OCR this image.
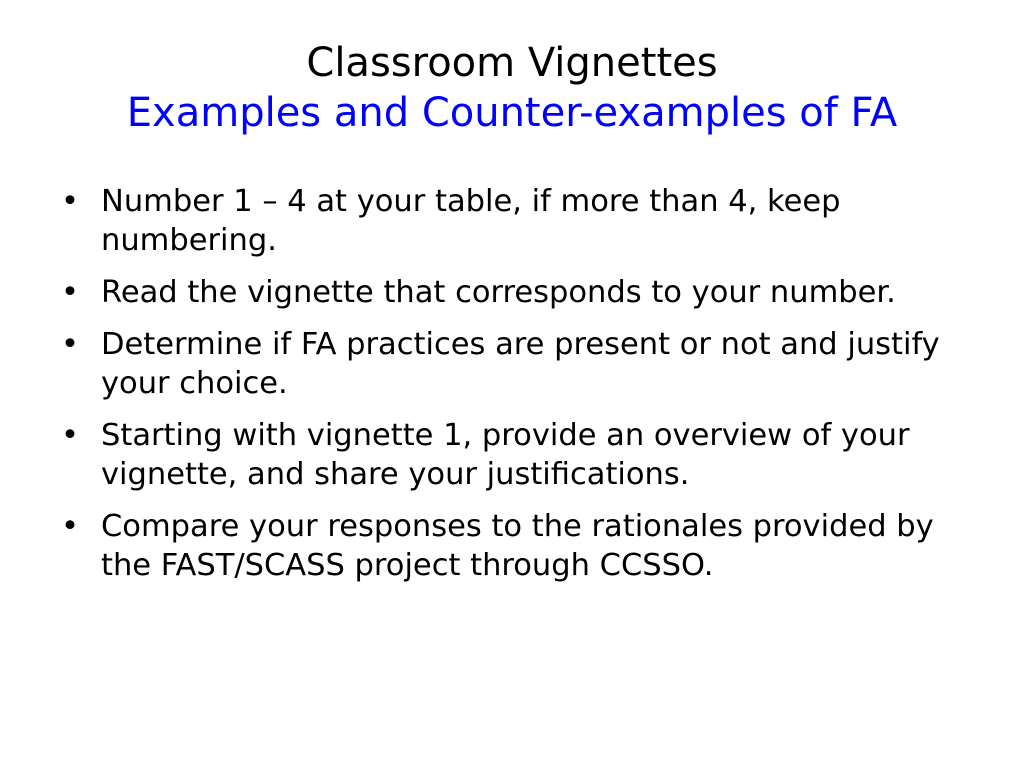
Classroom Vignettes
Examples and Counter-examples of FA
• Number 1 – 4 at your table, if more than 4, keep numbering.
• Read the vignette that corresponds to your number.
• Determine if FA practices are present or not and justify your choice.
• Starting with vignette 1, provide an overview of your vignette, and share your justifications.
• Compare your responses to the rationales provided by the FAST/SCASS project through CCSSO.
